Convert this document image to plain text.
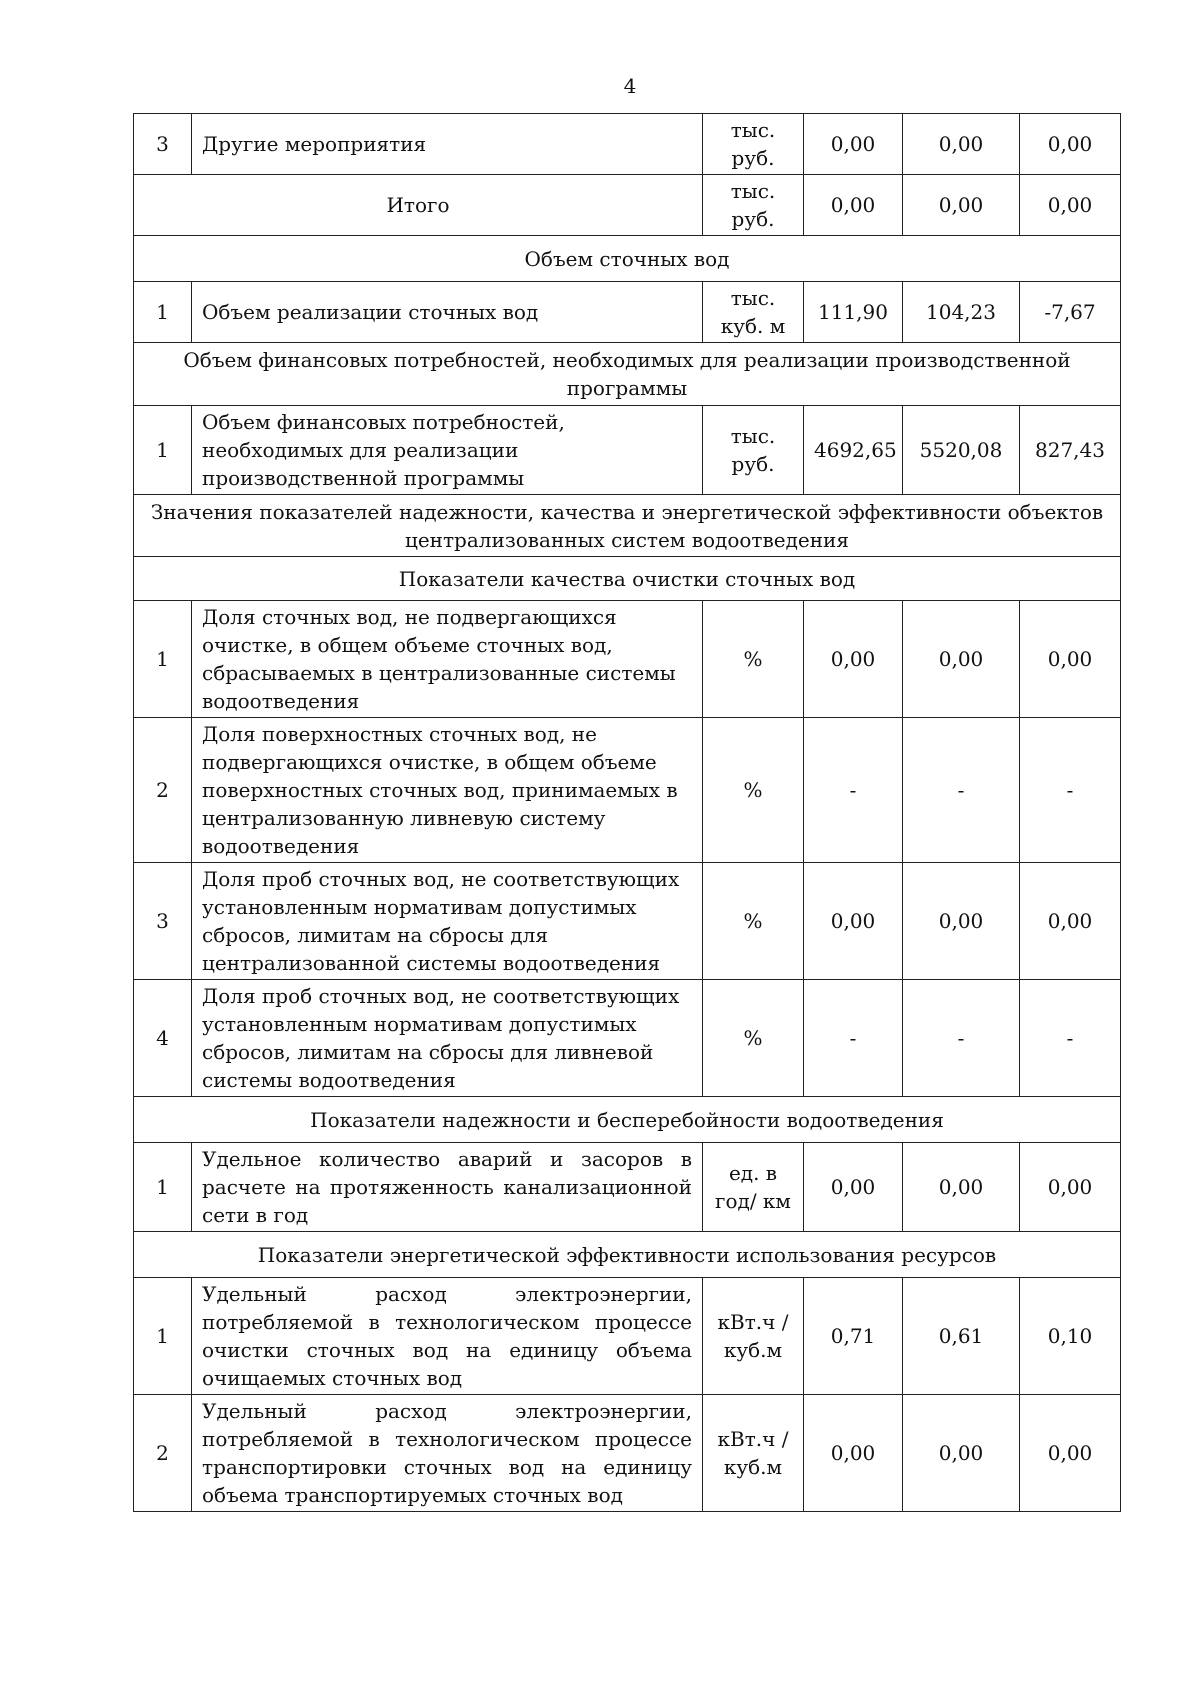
4
3	Другие мероприятия	тыс. руб.	0,00	0,00	0,00
Итого		тыс. руб.	0,00	0,00	0,00
Объем сточных вод					
1	Объем реализации сточных вод	тыс. куб. м	111,90	104,23	-7,67
Объем финансовых потребностей, необходимых для реализации производственной программы					
1	Объем финансовых потребностей, необходимых для реализации производственной программы	тыс. руб.	4692,65	5520,08	827,43
Значения показателей надежности, качества и энергетической эффективности объектов централизованных систем водоотведения					
Показатели качества очистки сточных вод					
1	Доля сточных вод, не подвергающихся очистке, в общем объеме сточных вод, сбрасываемых в централизованные системы водоотведения	%	0,00	0,00	0,00
2	Доля поверхностных сточных вод, не подвергающихся очистке, в общем объеме поверхностных сточных вод, принимаемых в централизованную ливневую систему водоотведения	%	-	-	-
3	Доля проб сточных вод, не соответствующих установленным нормативам допустимых сбросов, лимитам на сбросы для централизованной системы водоотведения	%	0,00	0,00	0,00
4	Доля проб сточных вод, не соответствующих установленным нормативам допустимых сбросов, лимитам на сбросы для ливневой системы водоотведения	%	-	-	-
Показатели надежности и бесперебойности водоотведения					
1	Удельное количество аварий и засоров в расчете на протяженность канализационной сети в год	ед. в год/ км	0,00	0,00	0,00
Показатели энергетической эффективности использования ресурсов					
1	Удельный расход электроэнергии, потребляемой в технологическом процессе очистки сточных вод на единицу объема очищаемых сточных вод	кВт.ч / куб.м	0,71	0,61	0,10
2	Удельный расход электроэнергии, потребляемой в технологическом процессе транспортировки сточных вод на единицу объема транспортируемых сточных вод	кВт.ч / куб.м	0,00	0,00	0,00
